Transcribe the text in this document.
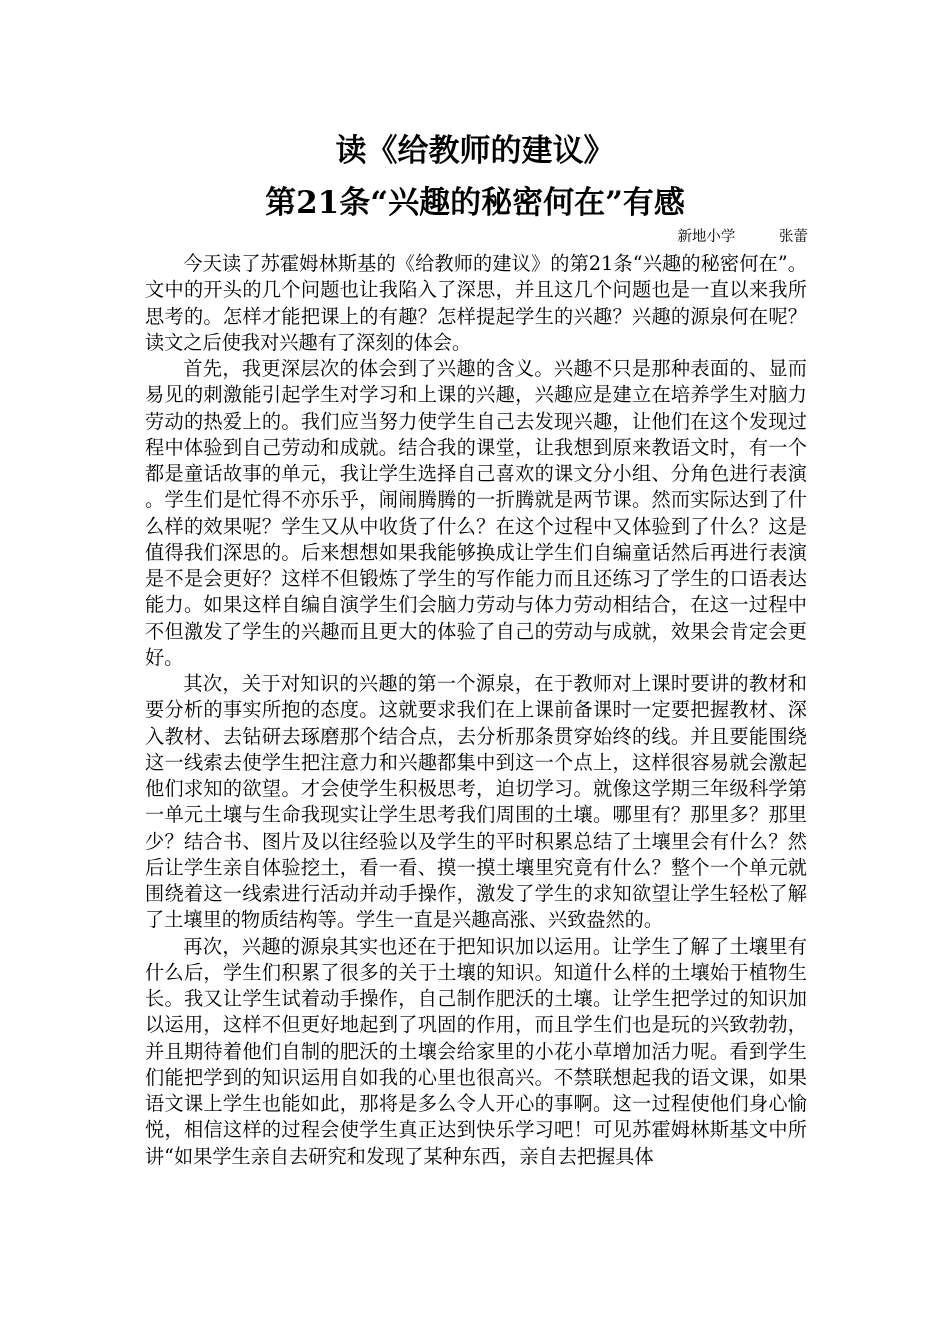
读《给教师的建议》
第21条“兴趣的秘密何在”有感
新地小学     张蕾

今天读了苏霍姆林斯基的《给教师的建议》的第21条“兴趣的秘密何在”。文中的开头的几个问题也让我陷入了深思，并且这几个问题也是一直以来我所思考的。怎样才能把课上的有趣？怎样提起学生的兴趣？兴趣的源泉何在呢？读文之后使我对兴趣有了深刻的体会。

首先，我更深层次的体会到了兴趣的含义。兴趣不只是那种表面的、显而易见的刺激能引起学生对学习和上课的兴趣，兴趣应是建立在培养学生对脑力劳动的热爱上的。我们应当努力使学生自己去发现兴趣，让他们在这个发现过程中体验到自己劳动和成就。结合我的课堂，让我想到原来教语文时，有一个都是童话故事的单元，我让学生选择自己喜欢的课文分小组、分角色进行表演。学生们是忙得不亦乐乎，闹闹腾腾的一折腾就是两节课。然而实际达到了什么样的效果呢？学生又从中收货了什么？在这个过程中又体验到了什么？这是值得我们深思的。后来想想如果我能够换成让学生们自编童话然后再进行表演是不是会更好？这样不但锻炼了学生的写作能力而且还练习了学生的口语表达能力。如果这样自编自演学生们会脑力劳动与体力劳动相结合，在这一过程中不但激发了学生的兴趣而且更大的体验了自己的劳动与成就，效果会肯定会更好。

其次，关于对知识的兴趣的第一个源泉，在于教师对上课时要讲的教材和要分析的事实所抱的态度。这就要求我们在上课前备课时一定要把握教材、深入教材、去钻研去琢磨那个结合点，去分析那条贯穿始终的线。并且要能围绕这一线索去使学生把注意力和兴趣都集中到这一个点上，这样很容易就会激起他们求知的欲望。才会使学生积极思考，迫切学习。就像这学期三年级科学第一单元土壤与生命我现实让学生思考我们周围的土壤。哪里有？那里多？那里少？结合书、图片及以往经验以及学生的平时积累总结了土壤里会有什么？然后让学生亲自体验挖土，看一看、摸一摸土壤里究竟有什么？整个一个单元就围绕着这一线索进行活动并动手操作，激发了学生的求知欲望让学生轻松了解了土壤里的物质结构等。学生一直是兴趣高涨、兴致盎然的。

再次，兴趣的源泉其实也还在于把知识加以运用。让学生了解了土壤里有什么后，学生们积累了很多的关于土壤的知识。知道什么样的土壤始于植物生长。我又让学生试着动手操作，自己制作肥沃的土壤。让学生把学过的知识加以运用，这样不但更好地起到了巩固的作用，而且学生们也是玩的兴致勃勃，并且期待着他们自制的肥沃的土壤会给家里的小花小草增加活力呢。看到学生们能把学到的知识运用自如我的心里也很高兴。不禁联想起我的语文课，如果语文课上学生也能如此，那将是多么令人开心的事啊。这一过程使他们身心愉悦，相信这样的过程会使学生真正达到快乐学习吧！可见苏霍姆林斯基文中所讲“如果学生亲自去研究和发现了某种东西，亲自去把握具体
